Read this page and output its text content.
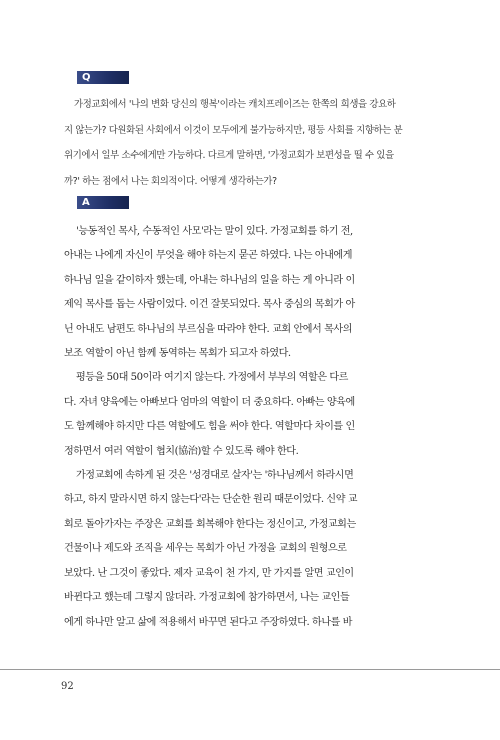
Q
가정교회에서 '나의 변화 당신의 행복'이라는 캐치프레이즈는 한쪽의 희생을 강요하
지 않는가? 다원화된 사회에서 이것이 모두에게 불가능하지만, 평등 사회를 지향하는 분
위기에서 일부 소수에게만 가능하다. 다르게 말하면, '가정교회가 보편성을 띨 수 있을
까?' 하는 점에서 나는 회의적이다. 어떻게 생각하는가?
A
'능동적인 목사, 수동적인 사모'라는 말이 있다. 가정교회를 하기 전,
아내는 나에게 자신이 무엇을 해야 하는지 묻곤 하였다. 나는 아내에게
하나님 일을 같이하자 했는데, 아내는 하나님의 일을 하는 게 아니라 이
제익 목사를 돕는 사람이었다. 이건 잘못되었다. 목사 중심의 목회가 아
닌 아내도 남편도 하나님의 부르심을 따라야 한다. 교회 안에서 목사의
보조 역할이 아닌 함께 동역하는 목회가 되고자 하였다.
평등을 50대 50이라 여기지 않는다. 가정에서 부부의 역할은 다르
다. 자녀 양육에는 아빠보다 엄마의 역할이 더 중요하다. 아빠는 양육에
도 함께해야 하지만 다른 역할에도 힘을 써야 한다. 역할마다 차이를 인
정하면서 여러 역할이 협치(協治)할 수 있도록 해야 한다.
가정교회에 속하게 된 것은 '성경대로 살자'는 '하나님께서 하라시면
하고, 하지 말라시면 하지 않는다'라는 단순한 원리 때문이었다. 신약 교
회로 돌아가자는 주장은 교회를 회복해야 한다는 정신이고, 가정교회는
건물이나 제도와 조직을 세우는 목회가 아닌 가정을 교회의 원형으로
보았다. 난 그것이 좋았다. 제자 교육이 천 가지, 만 가지를 알면 교인이
바뀐다고 했는데 그렇지 않더라. 가정교회에 참가하면서, 나는 교인들
에게 하나만 알고 삶에 적용해서 바꾸면 된다고 주장하였다. 하나를 바
92
